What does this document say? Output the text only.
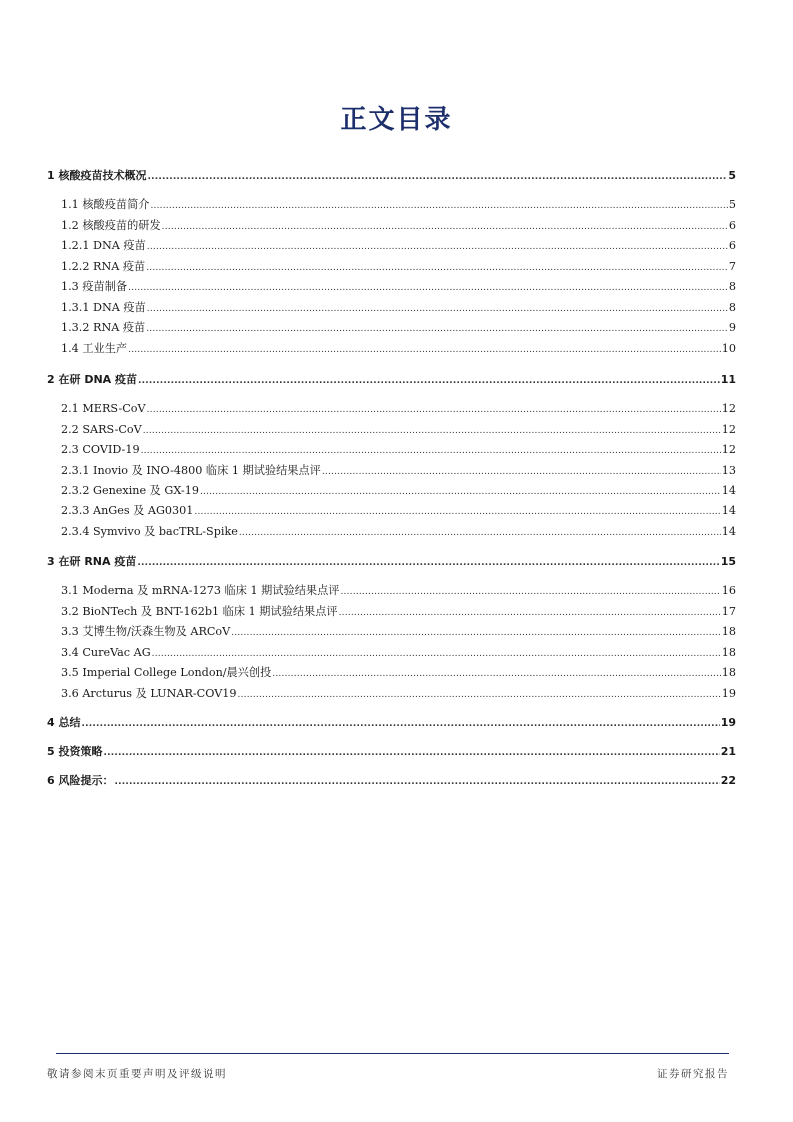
正文目录
1 核酸疫苗技术概况 .....	5
1.1 核酸疫苗简介 .....	5
1.2 核酸疫苗的研发 .....	6
1.2.1 DNA 疫苗 .....	6
1.2.2 RNA 疫苗 .....	7
1.3 疫苗制备 .....	8
1.3.1 DNA 疫苗 .....	8
1.3.2 RNA 疫苗 .....	9
1.4 工业生产 .....	10
2 在研 DNA 疫苗 .....	11
2.1 MERS-CoV .....	12
2.2 SARS-CoV .....	12
2.3 COVID-19 .....	12
2.3.1 Inovio 及 INO-4800 临床 1 期试验结果点评 .....	13
2.3.2 Genexine 及 GX-19 .....	14
2.3.3 AnGes 及 AG0301 .....	14
2.3.4 Symvivo 及 bacTRL-Spike .....	14
3 在研 RNA 疫苗 .....	15
3.1 Moderna 及 mRNA-1273 临床 1 期试验结果点评 .....	16
3.2 BioNTech 及 BNT-162b1 临床 1 期试验结果点评 .....	17
3.3 艾博生物/沃森生物及 ARCoV .....	18
3.4 CureVac AG .....	18
3.5 Imperial College London/晨兴创投 .....	18
3.6 Arcturus 及 LUNAR-COV19 .....	19
4 总结 .....	19
5 投资策略 .....	21
6 风险提示： .....	22
敬请参阅末页重要声明及评级说明	证券研究报告
